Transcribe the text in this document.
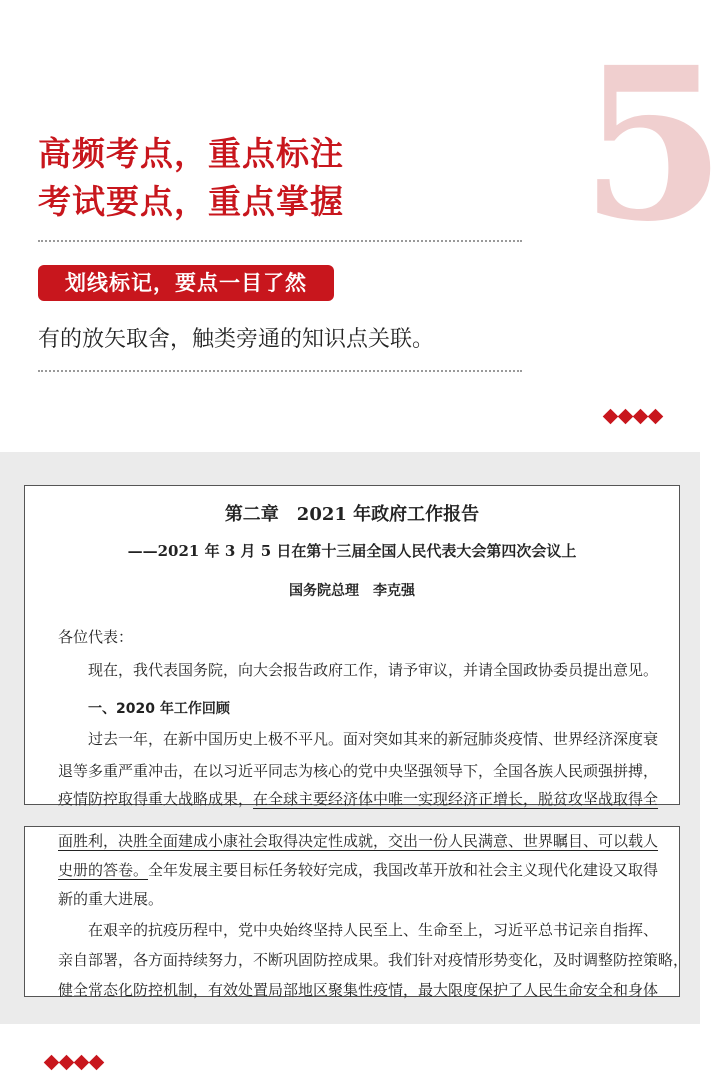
5
高频考点，重点标注
考试要点，重点掌握
划线标记，要点一目了然
有的放矢取舍，触类旁通的知识点关联。

第二章　2021 年政府工作报告

——2021 年 3 月 5 日在第十三届全国人民代表大会第四次会议上

国务院总理　李克强

各位代表：

现在，我代表国务院，向大会报告政府工作，请予审议，并请全国政协委员提出意见。

一、2020 年工作回顾

过去一年，在新中国历史上极不平凡。面对突如其来的新冠肺炎疫情、世界经济深度衰

退等多重严重冲击，在以习近平同志为核心的党中央坚强领导下，全国各族人民顽强拼搏，

疫情防控取得重大战略成果，在全球主要经济体中唯一实现经济正增长，脱贫攻坚战取得全

面胜利，决胜全面建成小康社会取得决定性成就，交出一份人民满意、世界瞩目、可以载人

史册的答卷。全年发展主要目标任务较好完成，我国改革开放和社会主义现代化建设又取得

新的重大进展。

在艰辛的抗疫历程中，党中央始终坚持人民至上、生命至上，习近平总书记亲自指挥、

亲自部署，各方面持续努力，不断巩固防控成果。我们针对疫情形势变化，及时调整防控策略，

健全常态化防控机制，有效处置局部地区聚集性疫情，最大限度保护了人民生命安全和身体
